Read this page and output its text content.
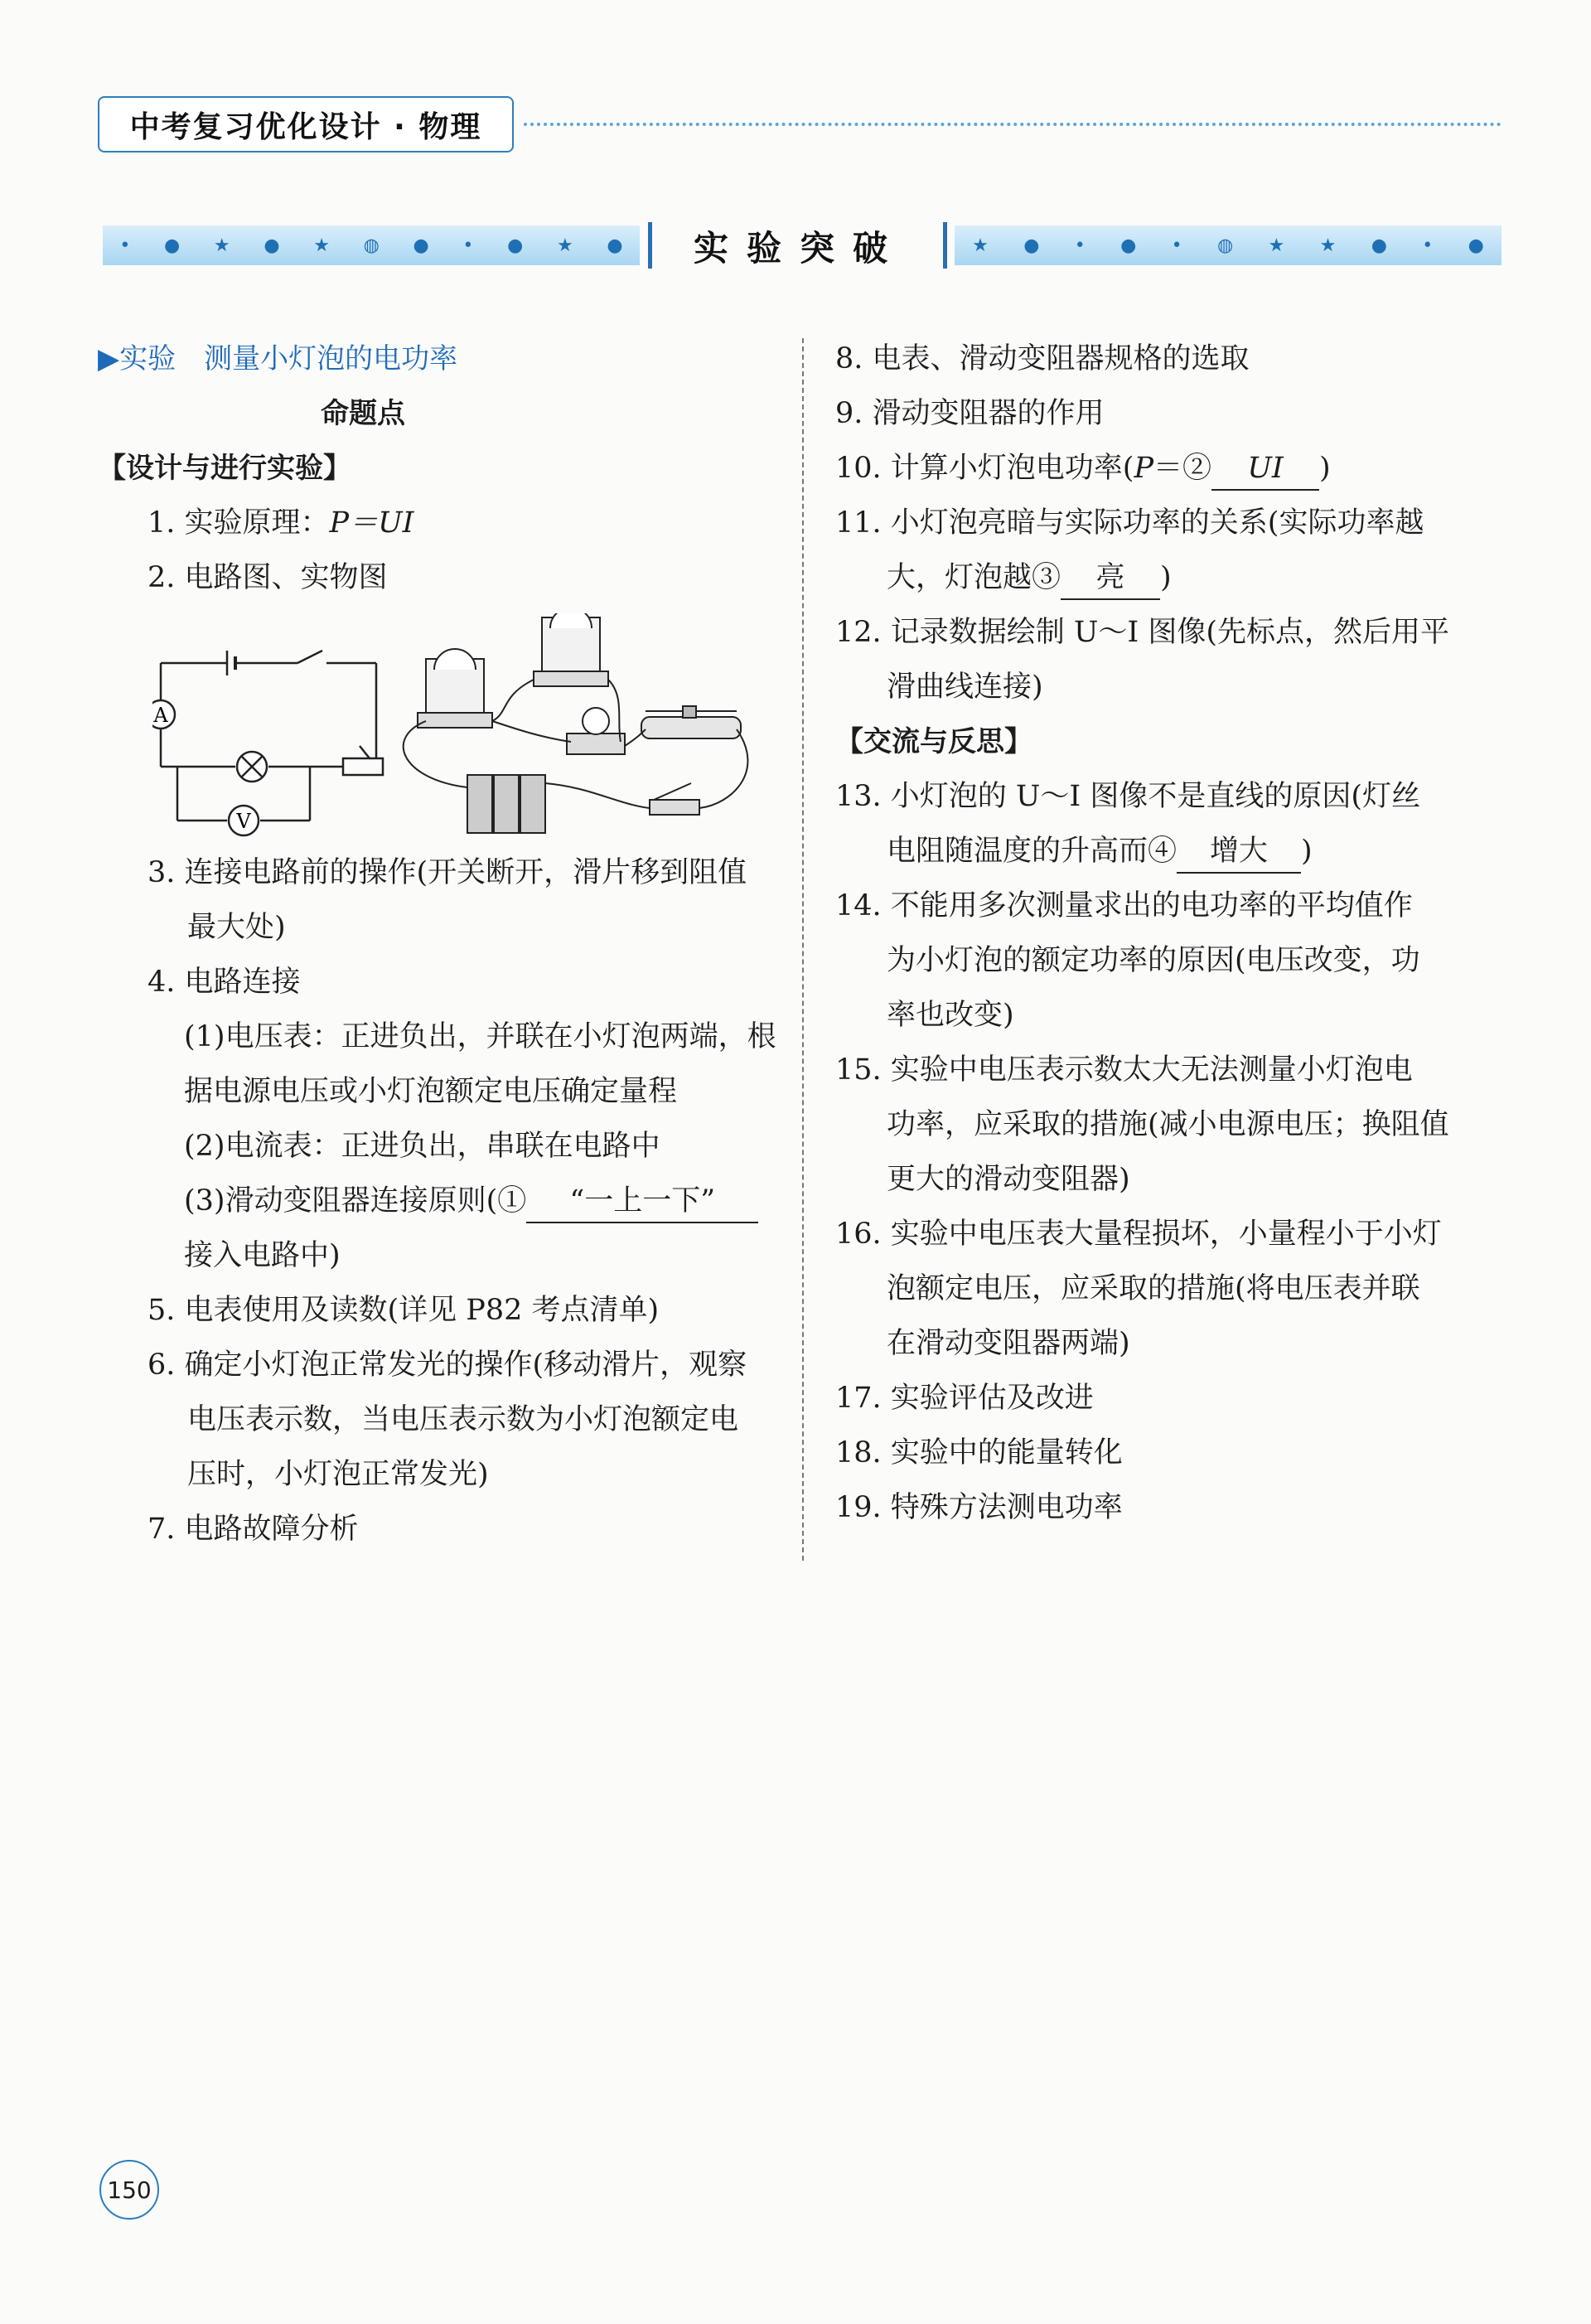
中考复习优化设计 · 物理
• ● ★ ● ★ ◍ ● • ● ★ ●	实验突破	★ ● • ● • ◍ ★ ★ ● • ●

▶实验　测量小灯泡的电功率

命题点

【设计与进行实验】

1. 实验原理：P＝UI

2. 电路图、实物图

A
V

3. 连接电路前的操作(开关断开，滑片移到阻值

最大处)

4. 电路连接

(1)电压表：正进负出，并联在小灯泡两端，根

据电源电压或小灯泡额定电压确定量程

(2)电流表：正进负出，串联在电路中

(3)滑动变阻器连接原则(① “一上一下”

接入电路中)

5. 电表使用及读数(详见 P82 考点清单)

6. 确定小灯泡正常发光的操作(移动滑片，观察

电压表示数，当电压表示数为小灯泡额定电

压时，小灯泡正常发光)

7. 电路故障分析

8. 电表、滑动变阻器规格的选取

9. 滑动变阻器的作用

10. 计算小灯泡电功率(P＝② UI )

11. 小灯泡亮暗与实际功率的关系(实际功率越

大，灯泡越③ 亮 )

12. 记录数据绘制 U～I 图像(先标点，然后用平

滑曲线连接)

【交流与反思】

13. 小灯泡的 U～I 图像不是直线的原因(灯丝

电阻随温度的升高而④ 增大 )

14. 不能用多次测量求出的电功率的平均值作

为小灯泡的额定功率的原因(电压改变，功

率也改变)

15. 实验中电压表示数太大无法测量小灯泡电

功率，应采取的措施(减小电源电压；换阻值

更大的滑动变阻器)

16. 实验中电压表大量程损坏，小量程小于小灯

泡额定电压，应采取的措施(将电压表并联

在滑动变阻器两端)

17. 实验评估及改进

18. 实验中的能量转化

19. 特殊方法测电功率

150
